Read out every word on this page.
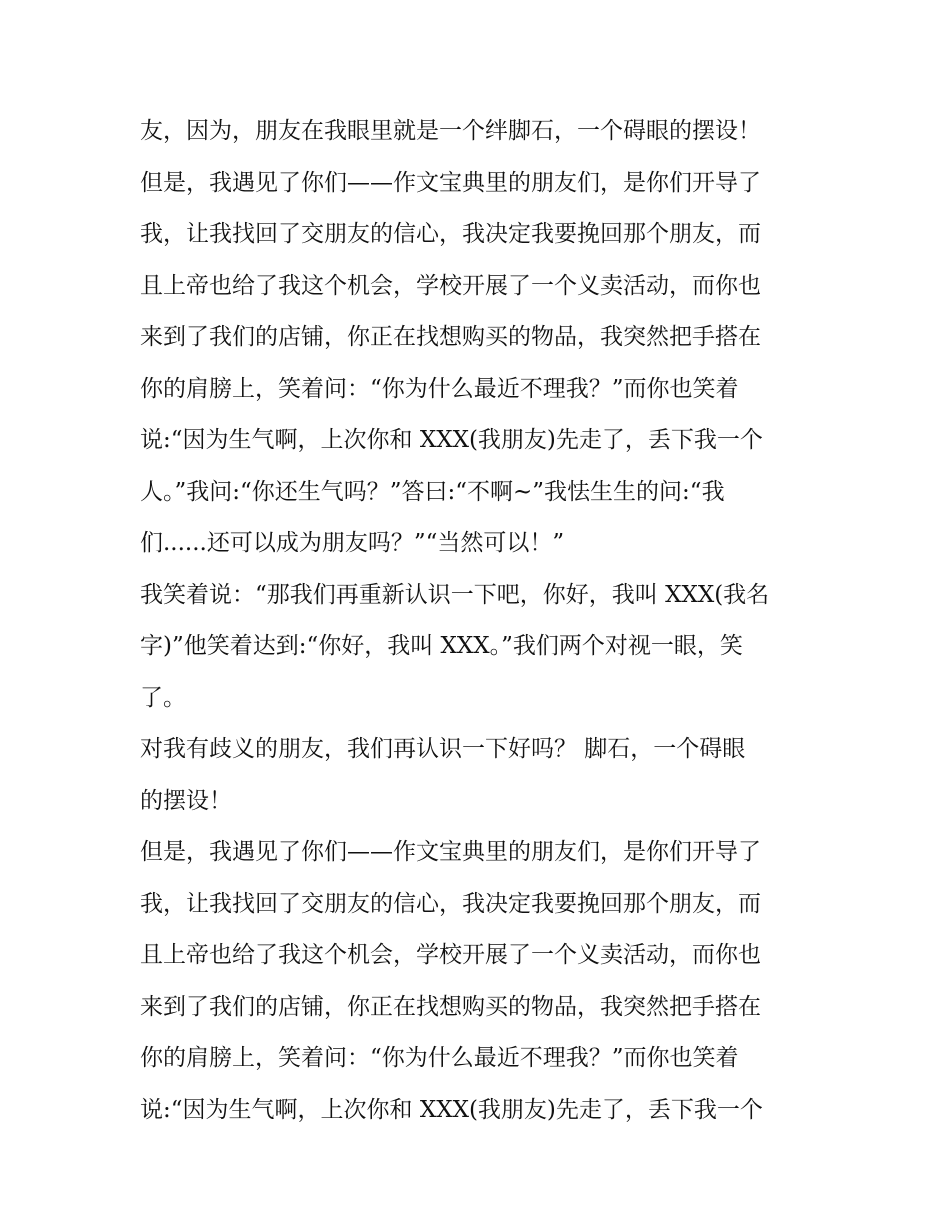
友，因为，朋友在我眼里就是一个绊脚石，一个碍眼的摆设！
但是，我遇见了你们——作文宝典里的朋友们，是你们开导了
我，让我找回了交朋友的信心，我决定我要挽回那个朋友，而
且上帝也给了我这个机会，学校开展了一个义卖活动，而你也
来到了我们的店铺，你正在找想购买的物品，我突然把手搭在
你的肩膀上，笑着问：“你为什么最近不理我？”而你也笑着
说:“因为生气啊，上次你和 XXX(我朋友)先走了，丢下我一个
人。”我问:“你还生气吗？”答曰:“不啊~”我怯生生的问:“我
们......还可以成为朋友吗？”“当然可以！”
我笑着说：“那我们再重新认识一下吧，你好，我叫 XXX(我名
字)”他笑着达到:“你好，我叫 XXX。”我们两个对视一眼，笑
了。
对我有歧义的朋友，我们再认识一下好吗？ 脚石，一个碍眼
的摆设！
但是，我遇见了你们——作文宝典里的朋友们，是你们开导了
我，让我找回了交朋友的信心，我决定我要挽回那个朋友，而
且上帝也给了我这个机会，学校开展了一个义卖活动，而你也
来到了我们的店铺，你正在找想购买的物品，我突然把手搭在
你的肩膀上，笑着问：“你为什么最近不理我？”而你也笑着
说:“因为生气啊，上次你和 XXX(我朋友)先走了，丢下我一个
